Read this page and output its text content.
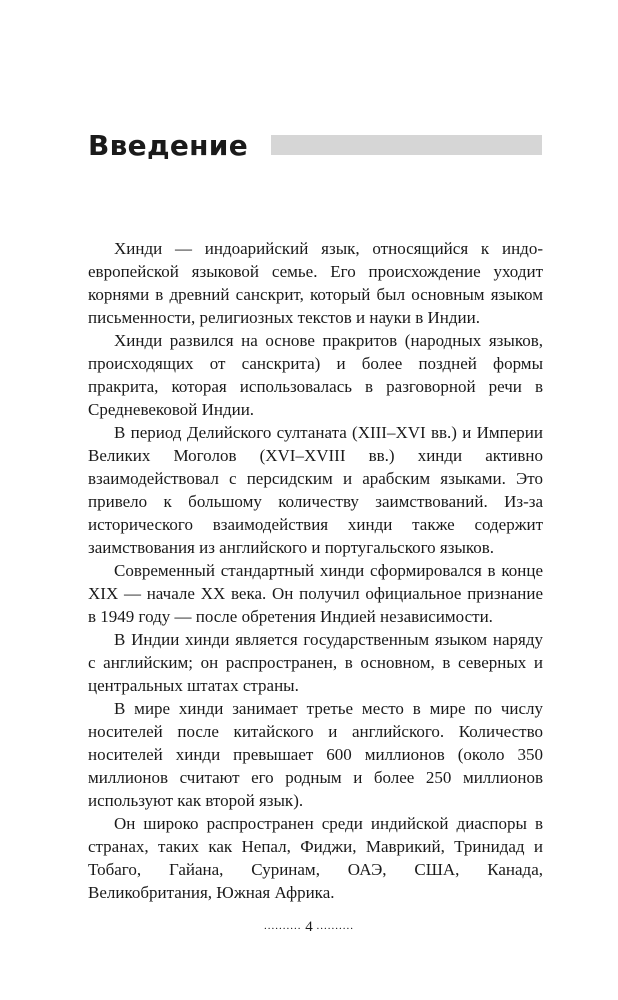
Введение

Хинди — индоарийский язык, относящийся к индоевропейской языковой семье. Его происхождение уходит корнями в древний санскрит, который был основным языком письменности, религиозных текстов и науки в Индии.

Хинди развился на основе пракритов (народных языков, происходящих от санскрита) и более поздней формы пракрита, которая использовалась в разговорной речи в Средневековой Индии.

В период Делийского султаната (XIII–XVI вв.) и Империи Великих Моголов (XVI–XVIII вв.) хинди активно взаимодействовал с персидским и арабским языками. Это привело к большому количеству заимствований. Из-за исторического взаимодействия хинди также содержит заимствования из английского и португальского языков.

Современный стандартный хинди сформировался в конце XIX — начале XX века. Он получил официальное признание в 1949 году — после обретения Индией независимости.

В Индии хинди является государственным языком наряду с английским; он распространен, в основном, в северных и центральных штатах страны.

В мире хинди занимает третье место в мире по числу носителей после китайского и английского. Количество носителей хинди превышает 600 миллионов (около 350 миллионов считают его родным и более 250 миллионов используют как второй язык).

Он широко распространен среди индийской диаспоры в странах, таких как Непал, Фиджи, Маврикий, Тринидад и Тобаго, Гайана, Суринам, ОАЭ, США, Канада, Великобритания, Южная Африка.

.......... 4 ..........
